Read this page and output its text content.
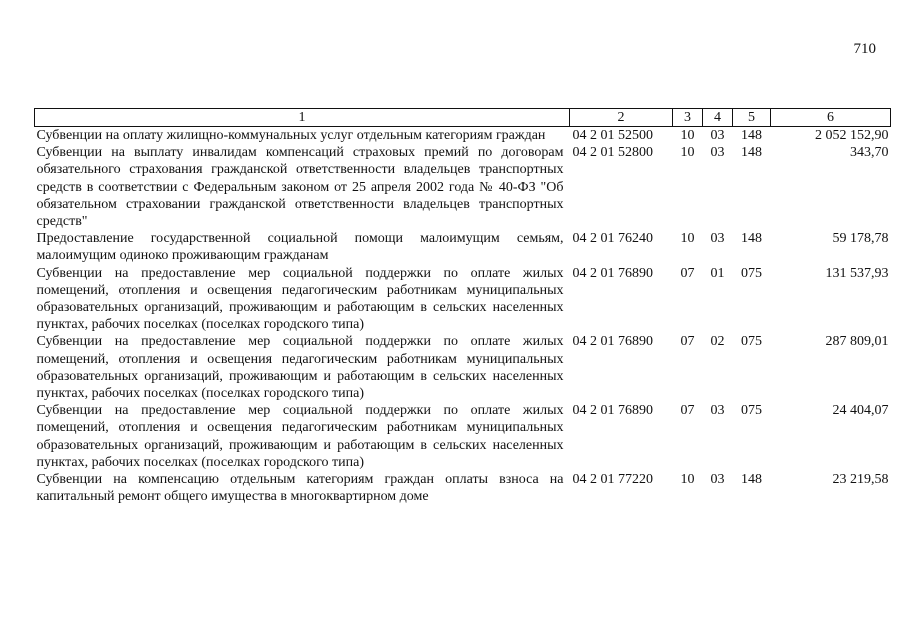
710
1	2	3	4	5	6
Субвенции на оплату жилищно-коммунальных услуг отдельным категориям граждан	04 2 01 52500	10	03	148	2 052 152,90
Субвенции на выплату инвалидам компенсаций страховых премий по договорам обязательного страхования гражданской ответственности владельцев транспортных средств в соответствии с Федеральным законом от 25 апреля 2002 года № 40-ФЗ "Об обязательном страховании гражданской ответственности владельцев транспортных средств"	04 2 01 52800	10	03	148	343,70
Предоставление государственной социальной помощи малоимущим семьям, малоимущим одиноко проживающим гражданам	04 2 01 76240	10	03	148	59 178,78
Субвенции на предоставление мер социальной поддержки по оплате жилых помещений, отопления и освещения педагогическим работникам муниципальных образовательных организаций, проживающим и работающим в сельских населенных пунктах, рабочих поселках (поселках городского типа)	04 2 01 76890	07	01	075	131 537,93
Субвенции на предоставление мер социальной поддержки по оплате жилых помещений, отопления и освещения педагогическим работникам муниципальных образовательных организаций, проживающим и работающим в сельских населенных пунктах, рабочих поселках (поселках городского типа)	04 2 01 76890	07	02	075	287 809,01
Субвенции на предоставление мер социальной поддержки по оплате жилых помещений, отопления и освещения педагогическим работникам муниципальных образовательных организаций, проживающим и работающим в сельских населенных пунктах, рабочих поселках (поселках городского типа)	04 2 01 76890	07	03	075	24 404,07
Субвенции на компенсацию отдельным категориям граждан оплаты взноса на капитальный ремонт общего имущества в многоквартирном доме	04 2 01 77220	10	03	148	23 219,58
